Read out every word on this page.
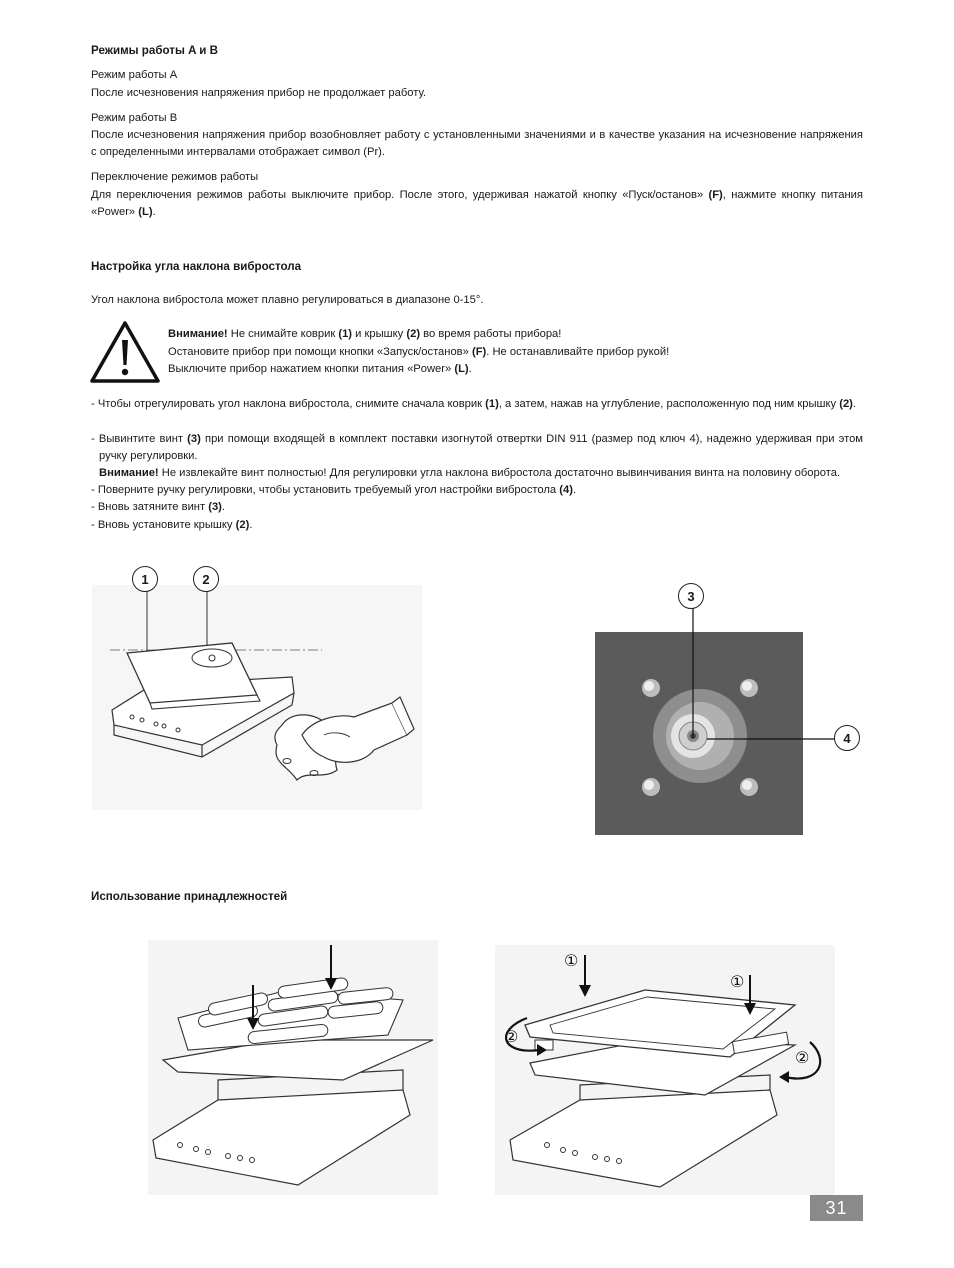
Режимы работы A и B
Режим работы A
После исчезновения напряжения прибор не продолжает работу.
Режим работы B
После исчезновения напряжения прибор возобновляет работу с установленными значениями и в качестве указания на исчезновение напряжения с определенными интервалами отображает символ (Pr).
Переключение режимов работы
Для переключения режимов работы выключите прибор. После этого, удерживая нажатой кнопку «Пуск/останов» (F), нажмите кнопку питания «Power» (L).
Настройка угла наклона вибростола
Угол наклона вибростола может плавно регулироваться в диапазоне 0-15°.
Внимание! Не снимайте коврик (1) и крышку (2) во время работы прибора!
Остановите прибор при помощи кнопки «Запуск/останов» (F). Не останавливайте прибор рукой!
Выключите прибор нажатием кнопки питания «Power» (L).
- Чтобы отрегулировать угол наклона вибростола, снимите сначала коврик (1), а затем, нажав на углубление, расположенную под ним крышку (2).
- Вывинтите винт (3) при помощи входящей в комплект поставки изогнутой отвертки DIN 911 (размер под ключ 4), надежно удерживая при этом ручку регулировки.
Внимание! Не извлекайте винт полностью! Для регулировки угла наклона вибростола достаточно вывинчивания винта на половину оборота.
- Поверните ручку регулировки, чтобы установить требуемый угол настройки вибростола (4).
- Вновь затяните винт (3).
- Вновь установите крышку (2).
1	2
3
4
Использование принадлежностей
①
①
②
②
31
